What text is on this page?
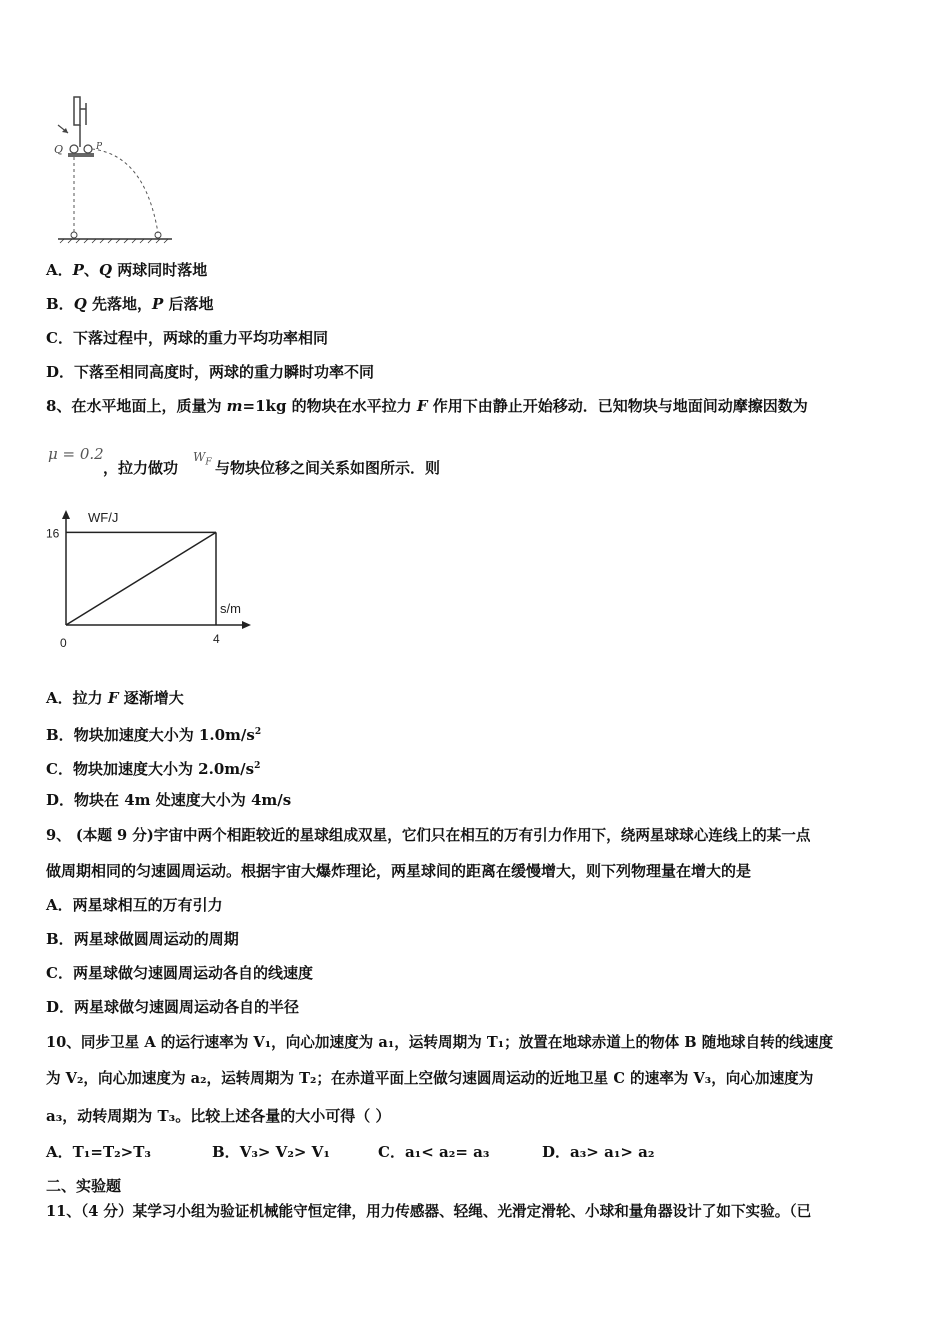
Q	P
A．P、Q 两球同时落地
B．Q 先落地，P 后落地
C．下落过程中，两球的重力平均功率相同
D．下落至相同高度时，两球的重力瞬时功率不同
8、在水平地面上，质量为 m=1kg 的物块在水平拉力 F 作用下由静止开始移动．已知物块与地面间动摩擦因数为
μ = 0.2
，拉力做功
$W_F$ 与物块位移之间关系如图所示．则
WF/J
s/m
16
0	4
A．拉力 F 逐渐增大
B．物块加速度大小为 $1.0m/s^2$
C．物块加速度大小为 $2.0m/s^2$
D．物块在 4m 处速度大小为 4m/s
9、 (本题 9 分)宇宙中两个相距较近的星球组成双星，它们只在相互的万有引力作用下，绕两星球球心连线上的某一点
做周期相同的匀速圆周运动。根据宇宙大爆炸理论，两星球间的距离在缓慢增大，则下列物理量在增大的是
A．两星球相互的万有引力
B．两星球做圆周运动的周期
C．两星球做匀速圆周运动各自的线速度
D．两星球做匀速圆周运动各自的半径
10、同步卫星 A 的运行速率为 V₁，向心加速度为 a₁，运转周期为 T₁；放置在地球赤道上的物体 B 随地球自转的线速度
为 V₂，向心加速度为 a₂，运转周期为 T₂；在赤道平面上空做匀速圆周运动的近地卫星 C 的速率为 V₃，向心加速度为
a₃，动转周期为 T₃。比较上述各量的大小可得（ ）
A．T₁=T₂>T₃	B．V₃> V₂> V₁	C．a₁< a₂= a₃	D．a₃> a₁> a₂
二、实验题
11、（4 分）某学习小组为验证机械能守恒定律，用力传感器、轻绳、光滑定滑轮、小球和量角器设计了如下实验。（已
